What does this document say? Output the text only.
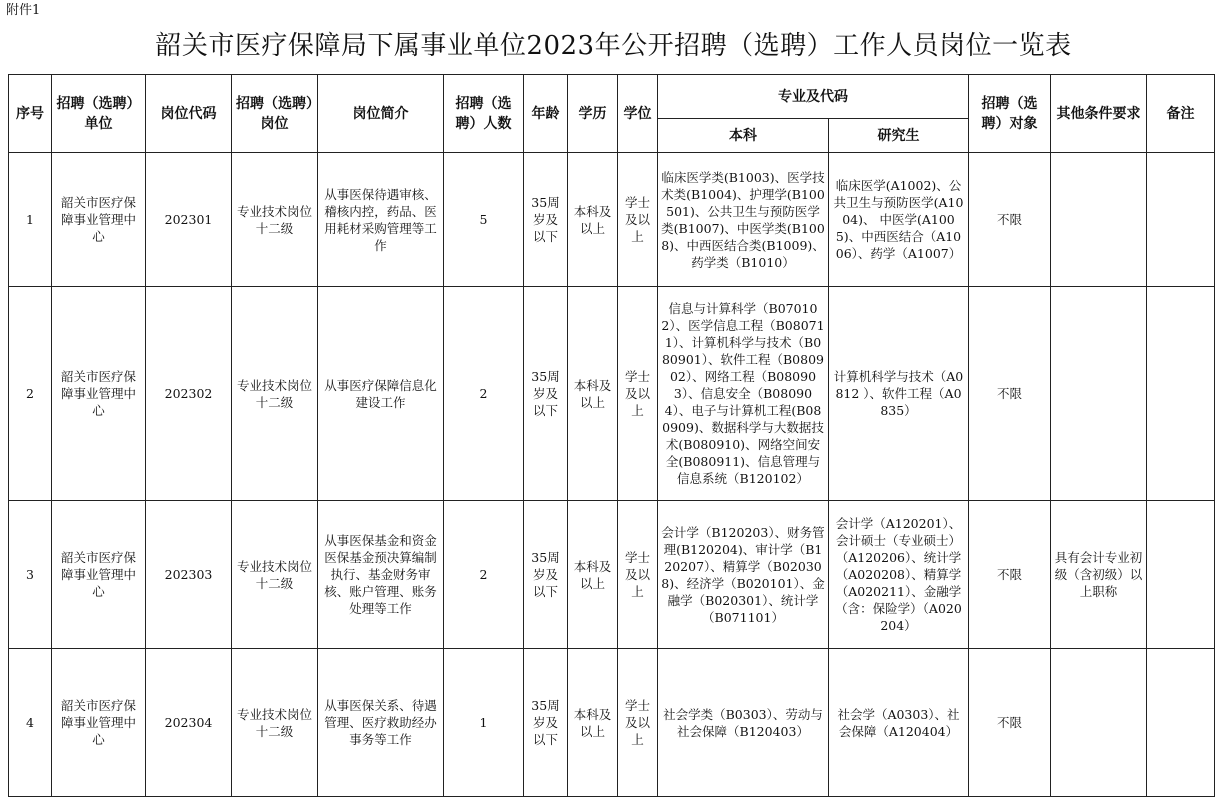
附件1
韶关市医疗保障局下属事业单位2023年公开招聘（选聘）工作人员岗位一览表
序号	招聘（选聘）单位	岗位代码	招聘（选聘）岗位	岗位简介	招聘（选聘）人数	年龄	学历	学位	专业及代码		招聘（选聘）对象	其他条件要求	备注
									本科	研究生			
1	韶关市医疗保障事业管理中心	202301	专业技术岗位十二级	从事医保待遇审核、稽核内控，药品、医用耗材采购管理等工作	5	35周岁及以下	本科及以上	学士及以上	临床医学类(B1003)、医学技术类(B1004)、护理学(B100501)、公共卫生与预防医学类(B1007)、中医学类(B1008)、中西医结合类(B1009)、药学类（B1010）	临床医学(A1002)、公共卫生与预防医学(A1004)、 中医学(A1005)、中西医结合（A1006）、药学（A1007）	不限		
2	韶关市医疗保障事业管理中心	202302	专业技术岗位十二级	从事医疗保障信息化建设工作	2	35周岁及以下	本科及以上	学士及以上	信息与计算科学（B070102）、医学信息工程（B080711）、计算机科学与技术（B080901）、软件工程（B080902）、网络工程（B080903）、信息安全（B080904）、电子与计算机工程(B080909)、数据科学与大数据技术(B080910)、网络空间安全(B080911)、信息管理与信息系统（B120102）	计算机科学与技术（A0812 ）、软件工程（A0835）	不限		
3	韶关市医疗保障事业管理中心	202303	专业技术岗位十二级	从事医保基金和资金医保基金预决算编制执行、基金财务审核、账户管理、账务处理等工作	2	35周岁及以下	本科及以上	学士及以上	会计学（B120203）、财务管理(B120204)、审计学（B120207）、精算学（B020308)、经济学（B020101）、金融学（B020301）、统计学（B071101）	会计学（A120201）、会计硕士（专业硕士）（A120206）、统计学（A020208）、精算学（A020211）、金融学（含：保险学）（A020204）	不限	具有会计专业初级（含初级）以上职称	
4	韶关市医疗保障事业管理中心	202304	专业技术岗位十二级	从事医保关系、待遇管理、医疗救助经办事务等工作	1	35周岁及以下	本科及以上	学士及以上	社会学类（B0303）、劳动与社会保障（B120403）	社会学（A0303）、社会保障（A120404）	不限		
